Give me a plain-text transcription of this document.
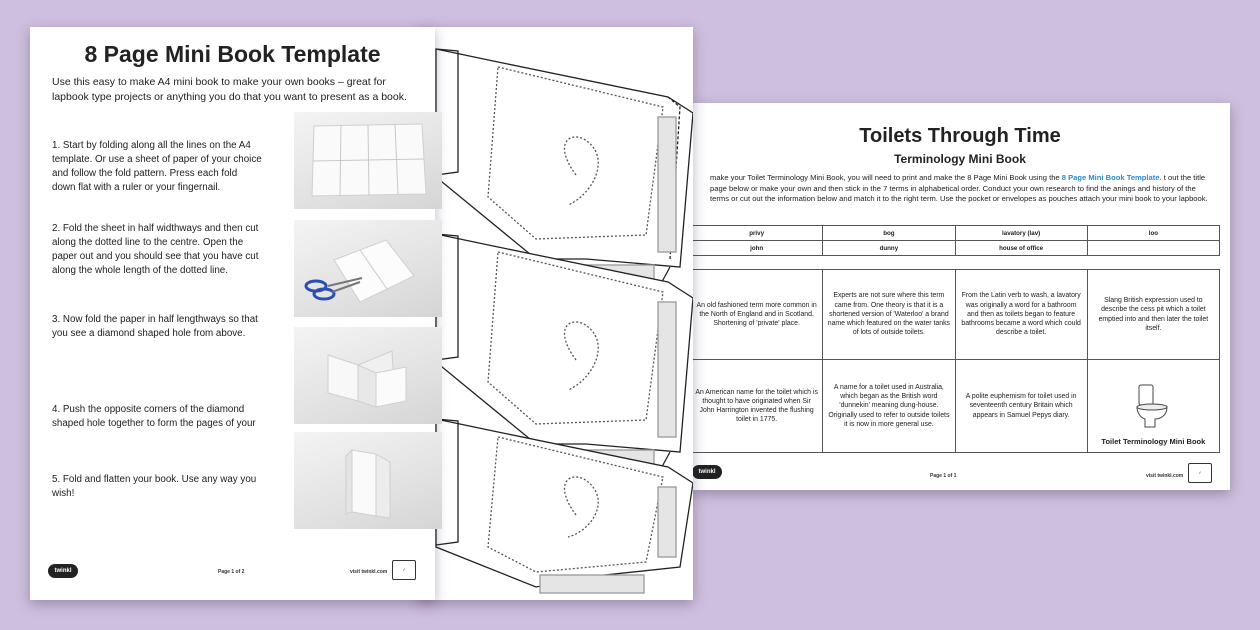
8 Page Mini Book Template
Use this easy to make A4 mini book to make your own books – great for lapbook type projects or anything you do that you want to present as a book.
1. Start by folding along all the lines on the A4 template. Or use a sheet of paper of your choice and follow the fold pattern. Press each fold down flat with a ruler or your fingernail.
2. Fold the sheet in half widthways and then cut along the dotted line to the centre. Open the paper out and you should see that you have cut along the whole length of the dotted line.
3. Now fold the paper in half lengthways so that you see a diamond shaped hole from above.
4. Push the opposite corners of the diamond shaped hole together to form the pages of your
5. Fold and flatten your book. Use any way you wish!
twinkl	Page 1 of 2	visit twinkl.com	✓
Toilets Through Time
Terminology Mini Book
make your Toilet Terminology Mini Book, you will need to print and make the 8 Page Mini Book using the 8 Page Mini Book Template. t out the title page below or make your own and then stick in the 7 terms in alphabetical order. Conduct your own research to find the anings and history of the terms or cut out the information below and match it to the right term. Use the pocket or envelopes as pouches attach your mini book to your lapbook.
privy	bog	lavatory (lav)	loo
john	dunny	house of office	
An old fashioned term more common in the North of England and in Scotland. Shortening of 'private' place.	Experts are not sure where this term came from. One theory is that it is a shortened version of 'Waterloo' a brand name which featured on the water tanks of lots of outside toilets.	From the Latin verb to wash, a lavatory was originally a word for a bathroom and then as toilets began to feature bathrooms became a word which could describe a toilet.	Slang British expression used to describe the cess pit which a toilet emptied into and then later the toilet itself.
An American name for the toilet which is thought to have originated when Sir John Harrington invented the flushing toilet in 1775.	A name for a toilet used in Australia, which began as the British word 'dunnekin' meaning dung-house. Originally used to refer to outside toilets it is now in more general use.	A polite euphemism for toilet used in seventeenth century Britain which appears in Samuel Pepys diary.	Toilet Terminology Mini Book
twinkl
Page 1 of 1	visit twinkl.com
✓
